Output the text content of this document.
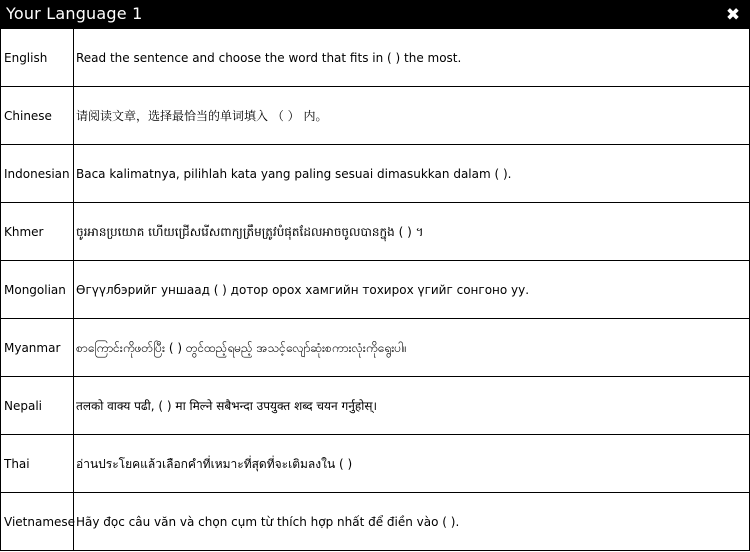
Your Language 1	✖
English	Read the sentence and choose the word that fits in ( ) the most.
Chinese	请阅读文章，选择最恰当的单词填入 （ ） 内。
Indonesian Baca kalimatnya, pilihlah kata yang paling sesuai dimasukkan dalam ( ).
Khmer	ចូរអានប្រយោគ ហើយជ្រើសរើសពាក្យត្រឹមត្រូវបំផុតដែលអាចចូលបានក្នុង ( ) ។
Mongolian Өгүүлбэрийг уншаад ( ) дотор орох хамгийн тохирох үгийг сонгоно уу.
Myanmar	စာကြောင်းကိုဖတ်ပြီး ( ) တွင်ထည့်ရမည့် အသင့်လျော်ဆုံးစကားလုံးကိုရွေးပါ။
Nepali	तलको वाक्य पढी, ( ) मा मिल्ने सबैभन्दा उपयुक्त शब्द चयन गर्नुहोस्।
Thai	อ่านประโยคแล้วเลือกคำที่เหมาะที่สุดที่จะเติมลงใน ( )
Vietnamese Hãy đọc câu văn và chọn cụm từ thích hợp nhất để điền vào ( ).
